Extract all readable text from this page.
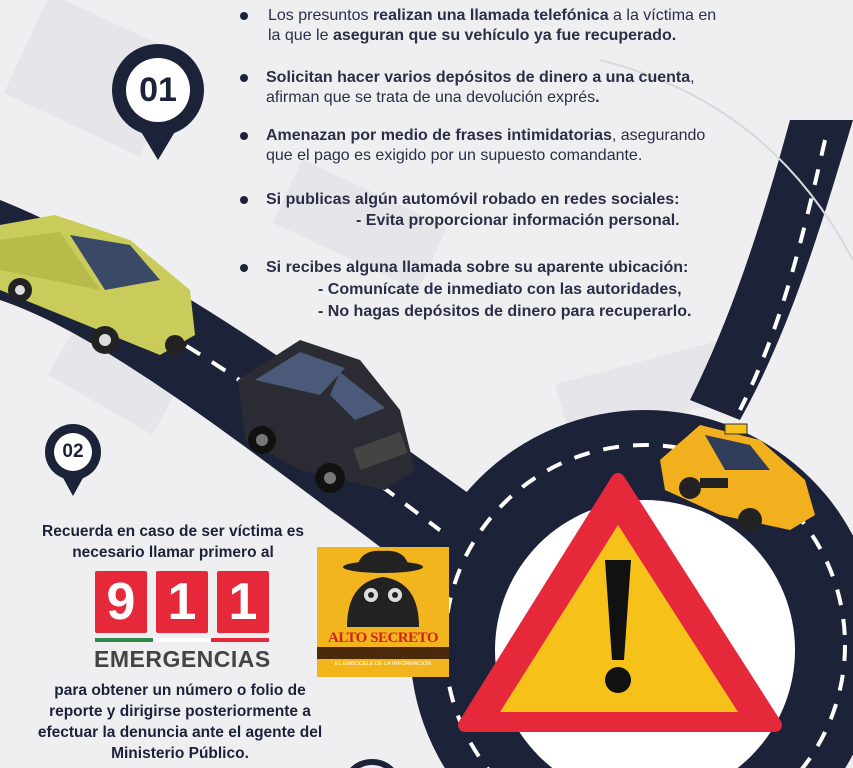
01
02
Los presuntos realizan una llamada telefónica a la víctima en
la que le aseguran que su vehículo ya fue recuperado.
Solicitan hacer varios depósitos de dinero a una cuenta,
afirman que se trata de una devolución exprés.
Amenazan por medio de frases intimidatorias, asegurando
que el pago es exigido por un supuesto comandante.
Si publicas algún automóvil robado en redes sociales:
Si recibes alguna llamada sobre su aparente ubicación:
- Evita proporcionar información personal.
- Comunícate de inmediato con las autoridades,
- No hagas depósitos de dinero para recuperarlo.
Recuerda en caso de ser víctima es
necesario llamar primero al
9 1 1
EMERGENCIAS
para obtener un número o folio de
reporte y dirigirse posteriormente a
efectuar la denuncia ante el agente del
Ministerio Público.
ALTO SECRETO
EL EMBOCELE DE LA INFORMACIÓN
